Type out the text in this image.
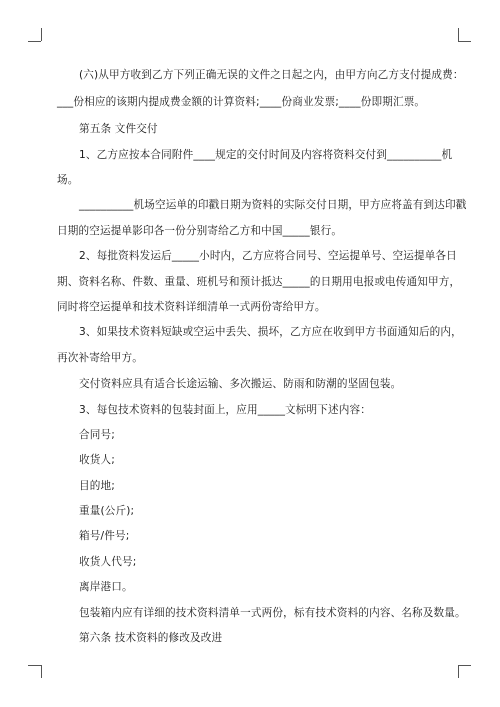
(六)从甲方收到乙方下列正确无误的文件之日起之内，由甲方向乙方支付提成费：
___份相应的该期内提成费金额的计算资料;____份商业发票;____份即期汇票。
第五条 文件交付
1、乙方应按本合同附件____规定的交付时间及内容将资料交付到__________机
场。
__________机场空运单的印戳日期为资料的实际交付日期，甲方应将盖有到达印戳
日期的空运提单影印各一份分别寄给乙方和中国_____银行。
2、每批资料发运后_____小时内，乙方应将合同号、空运提单号、空运提单各日
期、资料名称、件数、重量、班机号和预计抵达_____的日期用电报或电传通知甲方，
同时将空运提单和技术资料详细清单一式两份寄给甲方。
3、如果技术资料短缺或空运中丢失、损坏，乙方应在收到甲方书面通知后的内，
再次补寄给甲方。
交付资料应具有适合长途运输、多次搬运、防雨和防潮的坚固包装。
3、每包技术资料的包装封面上，应用_____文标明下述内容：
合同号;
收货人;
目的地;
重量(公斤);
箱号/件号;
收货人代号;
离岸港口。
包装箱内应有详细的技术资料清单一式两份，标有技术资料的内容、名称及数量。
第六条 技术资料的修改及改进
